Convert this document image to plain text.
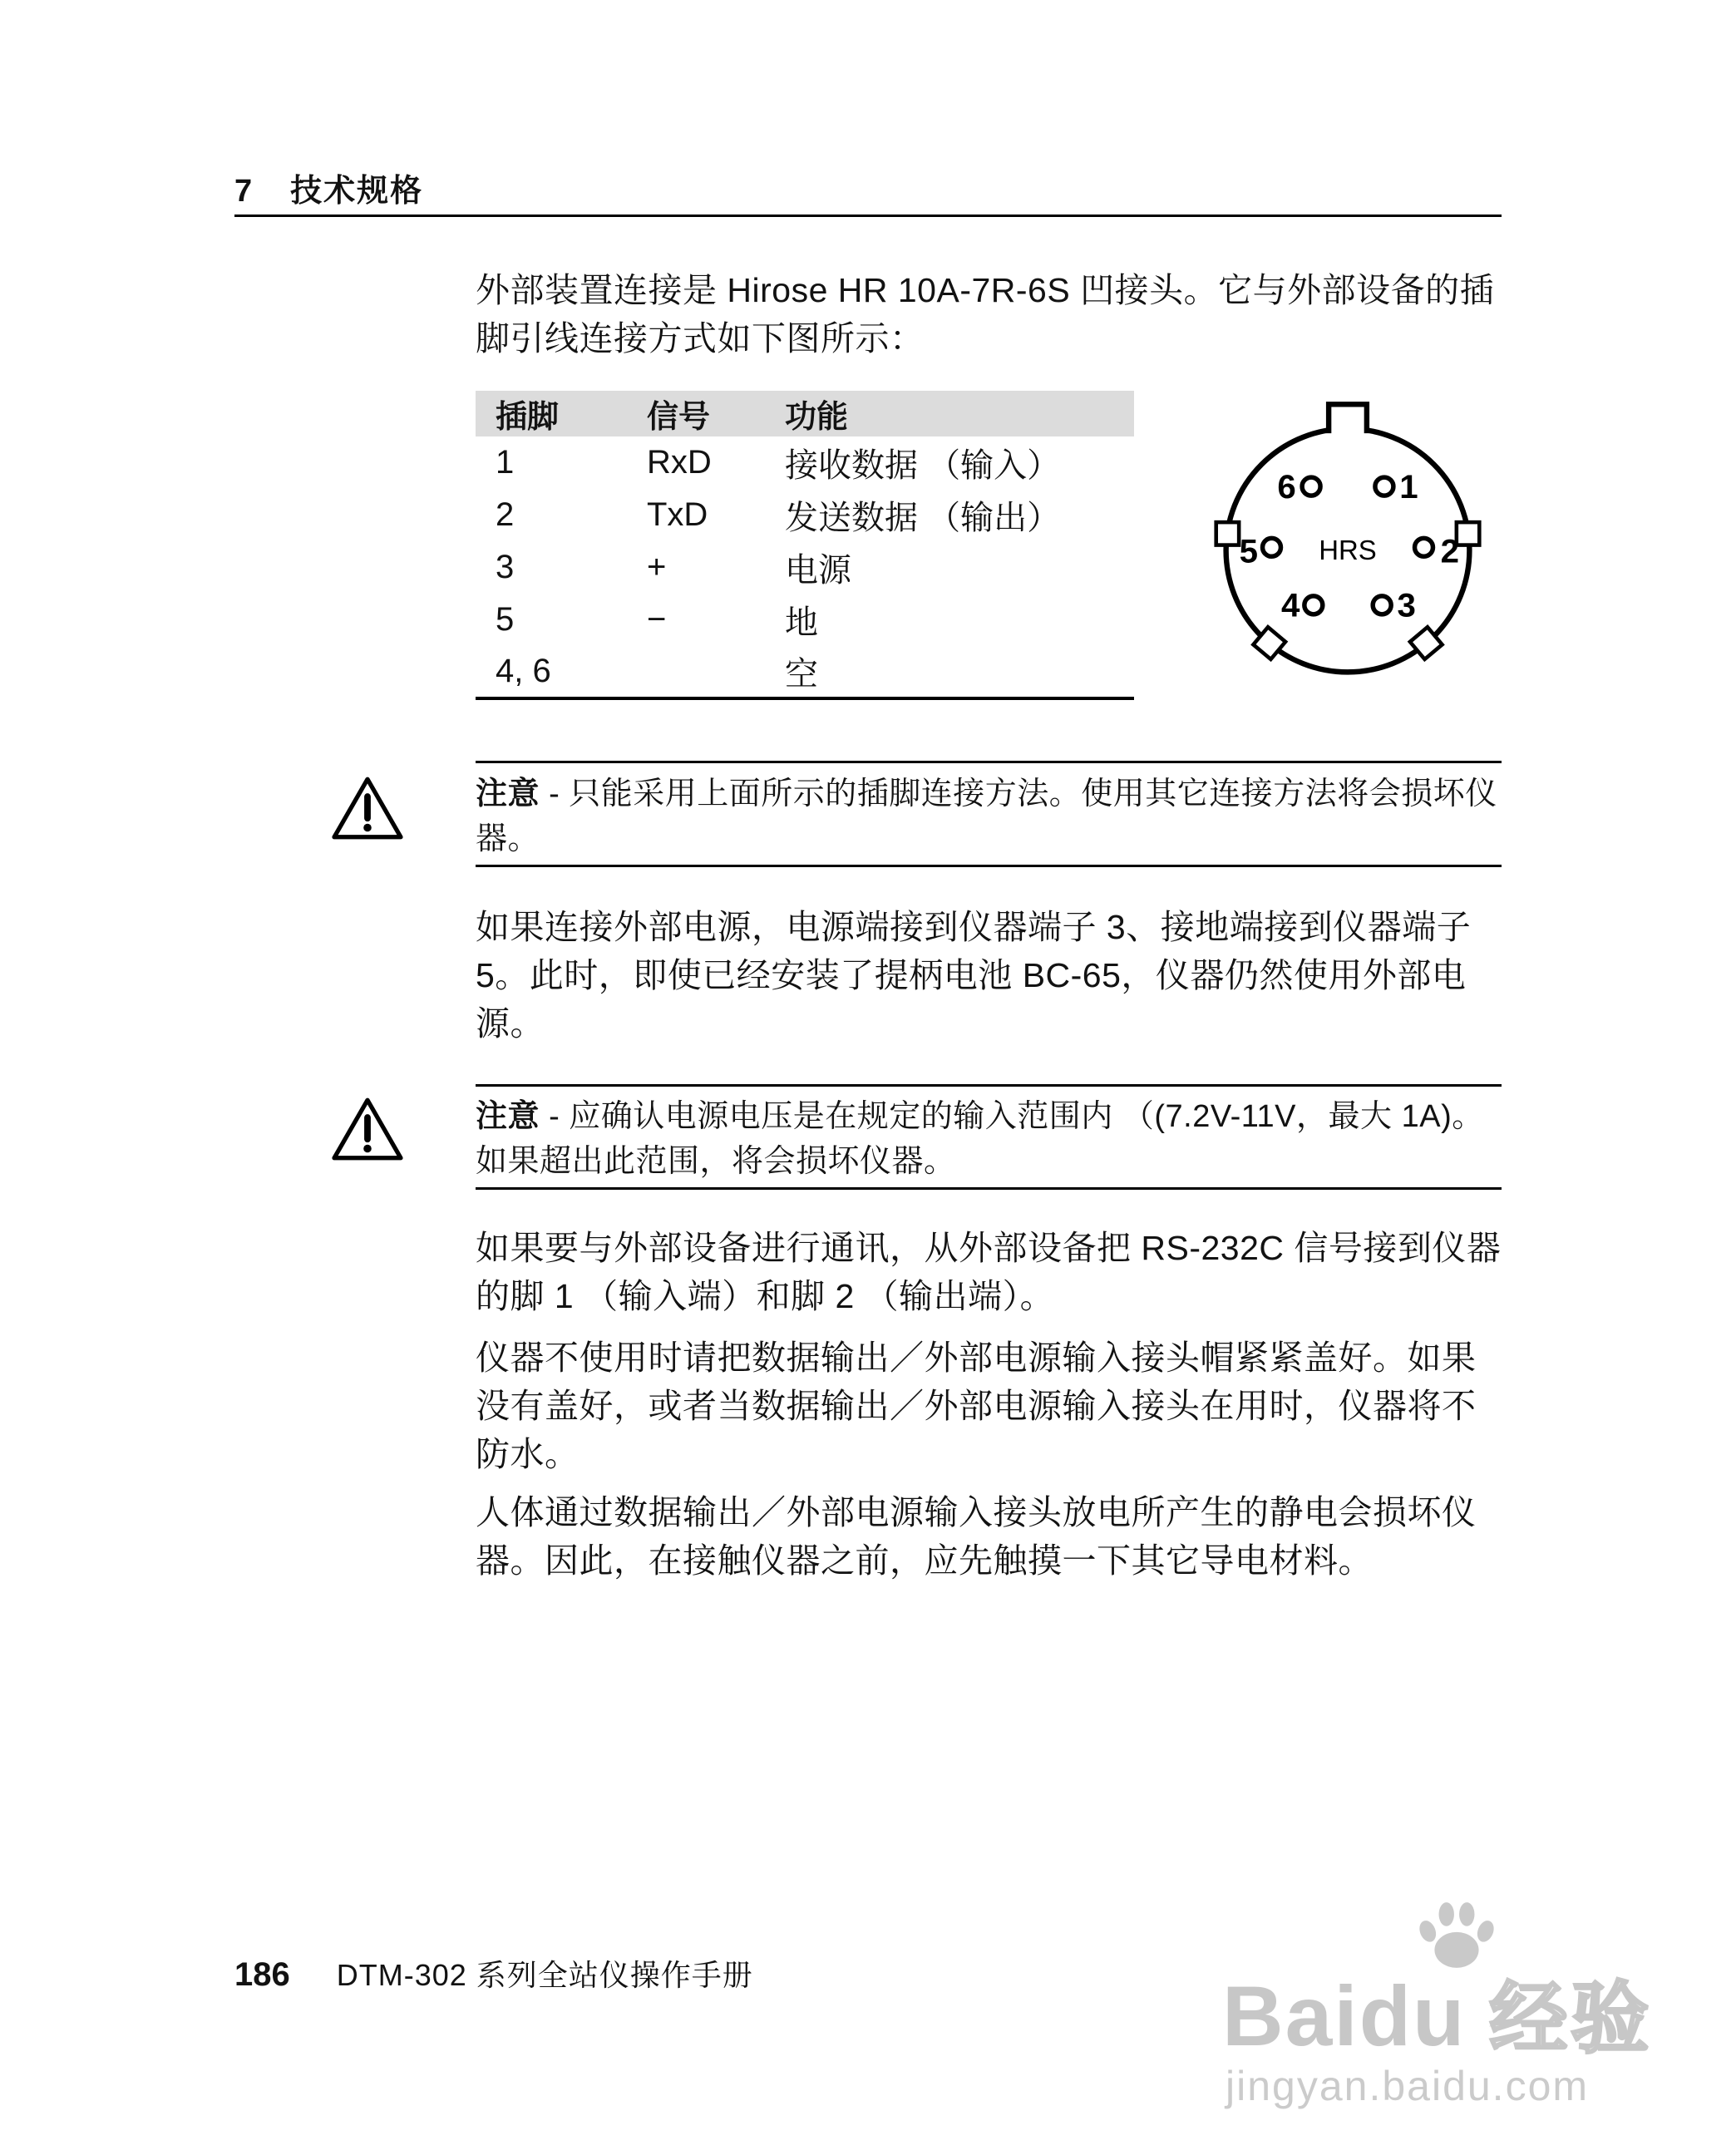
7 技术规格

外部装置连接是 Hirose HR 10A-7R-6S 凹接头。它与外部设备的插脚引线连接方式如下图所示：

插脚	信号	功能
1	RxD	接收数据 （输入）
2	TxD	发送数据 （输出）
3	+	电源
5	−	地
4, 6		空
6	1
5	2
4	3
HRS

注意 - 只能采用上面所示的插脚连接方法。使用其它连接方法将会损坏仪器。

如果连接外部电源，电源端接到仪器端子 3、接地端接到仪器端子 5。此时，即使已经安装了提柄电池 BC-65，仪器仍然使用外部电源。

注意 - 应确认电源电压是在规定的输入范围内 （(7.2V-11V，最大 1A)。如果超出此范围，将会损坏仪器。

如果要与外部设备进行通讯，从外部设备把 RS-232C 信号接到仪器的脚 1 （输入端）和脚 2 （输出端）。

仪器不使用时请把数据输出／外部电源输入接头帽紧紧盖好。如果没有盖好，或者当数据输出／外部电源输入接头在用时，仪器将不防水。

人体通过数据输出／外部电源输入接头放电所产生的静电会损坏仪器。因此，在接触仪器之前，应先触摸一下其它导电材料。

186 DTM-302 系列全站仪操作手册	Baidu 经验
jingyan.baidu.com
